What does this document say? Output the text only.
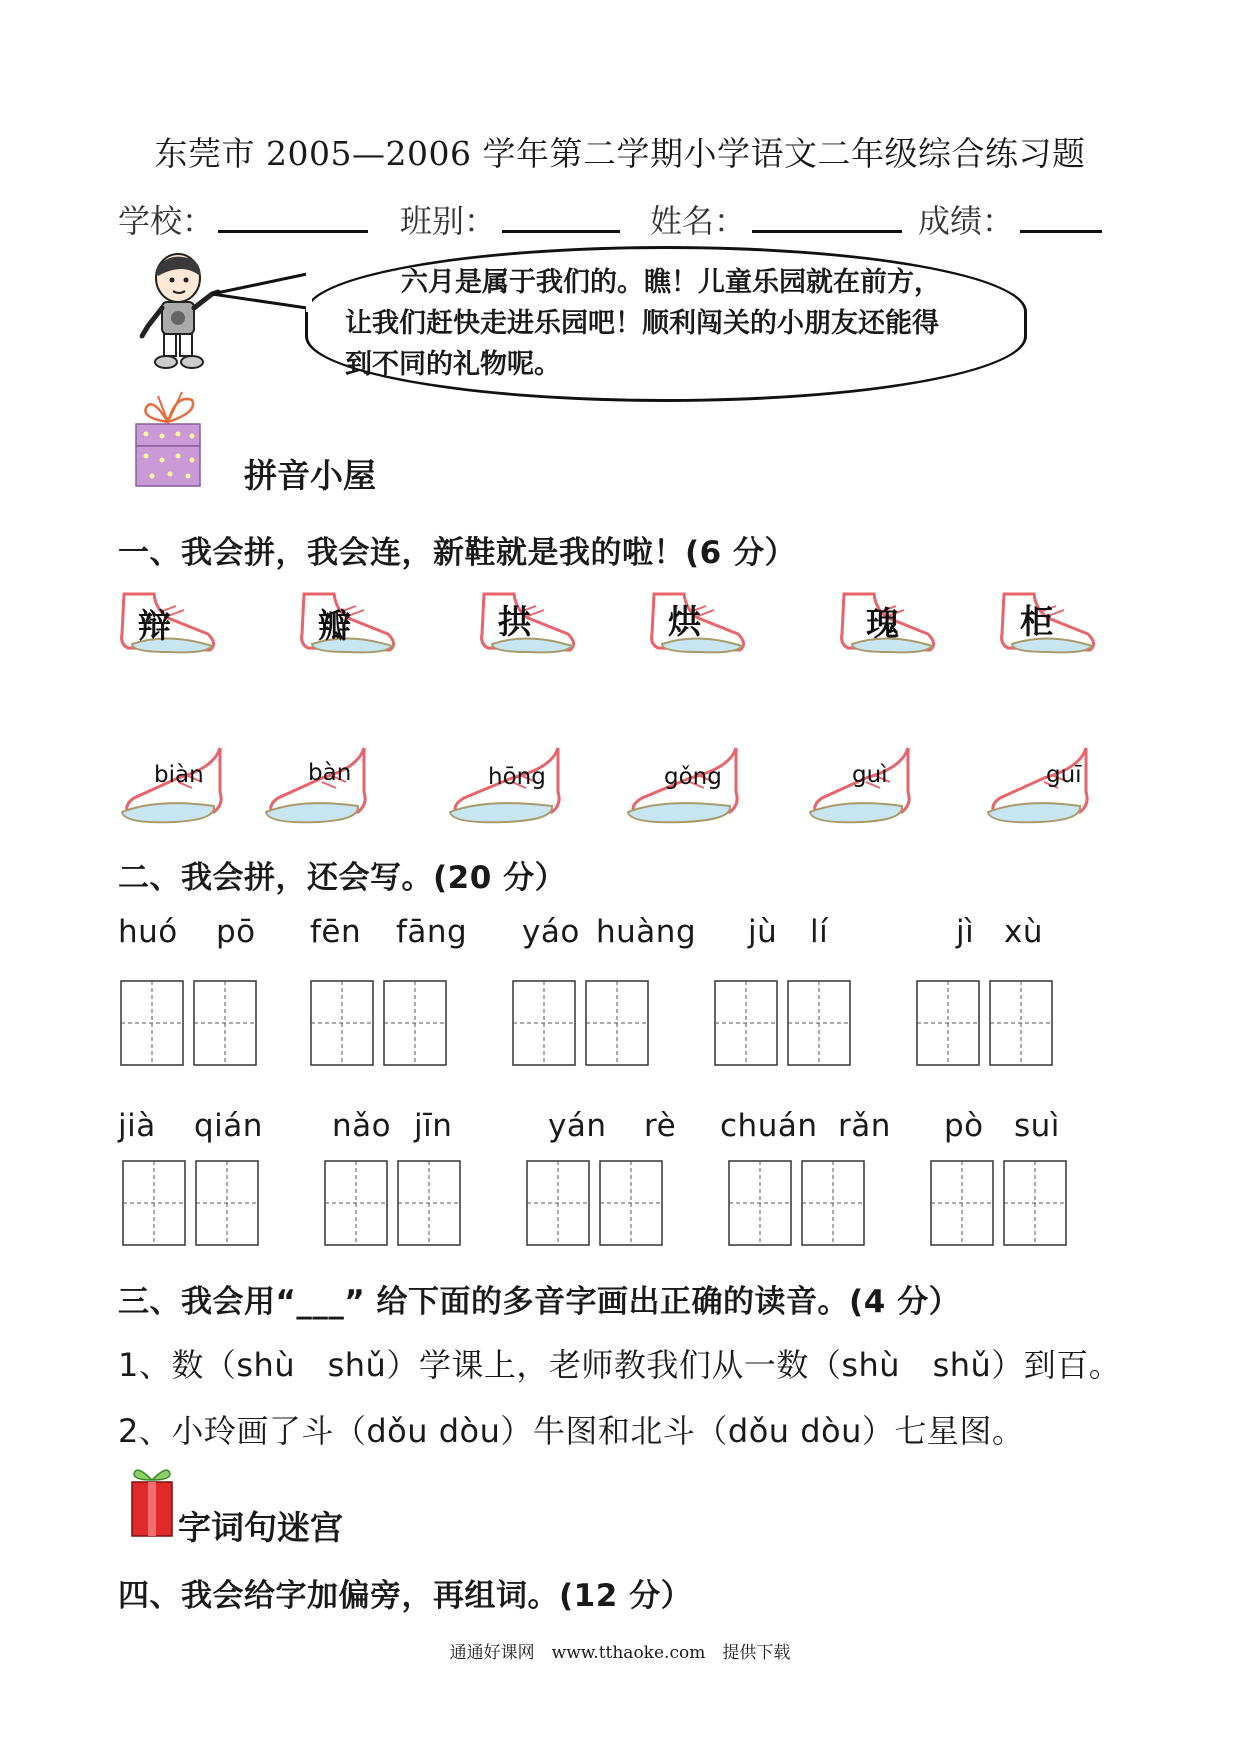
东莞市 2005—2006 学年第二学期小学语文二年级综合练习题
学校：	班别：	姓名：	成绩：
六月是属于我们的。瞧！儿童乐园就在前方，
让我们赶快走进乐园吧！顺利闯关的小朋友还能得
到不同的礼物呢。
拼音小屋
一、我会拼，我会连，新鞋就是我的啦！(6 分）
辩	瓣	拱	烘	瑰	柜
biàn	bàn	hōng	gǒng	guì	guī
二、我会拼，还会写。(20 分）
huó pō fēn fāng yáo huàng jù lí	jì xù
jià qián nǎo jīn	yán rè chuán rǎn pò suì
三、我会用“___” 给下面的多音字画出正确的读音。(4 分）
1、数（shù　shǔ）学课上，老师教我们从一数（shù　shǔ）到百。
2、小玲画了斗（dǒu dòu）牛图和北斗（dǒu dòu）七星图。
字词句迷宫
四、我会给字加偏旁，再组词。(12 分）
通通好课网　www.tthaoke.com　提供下载
